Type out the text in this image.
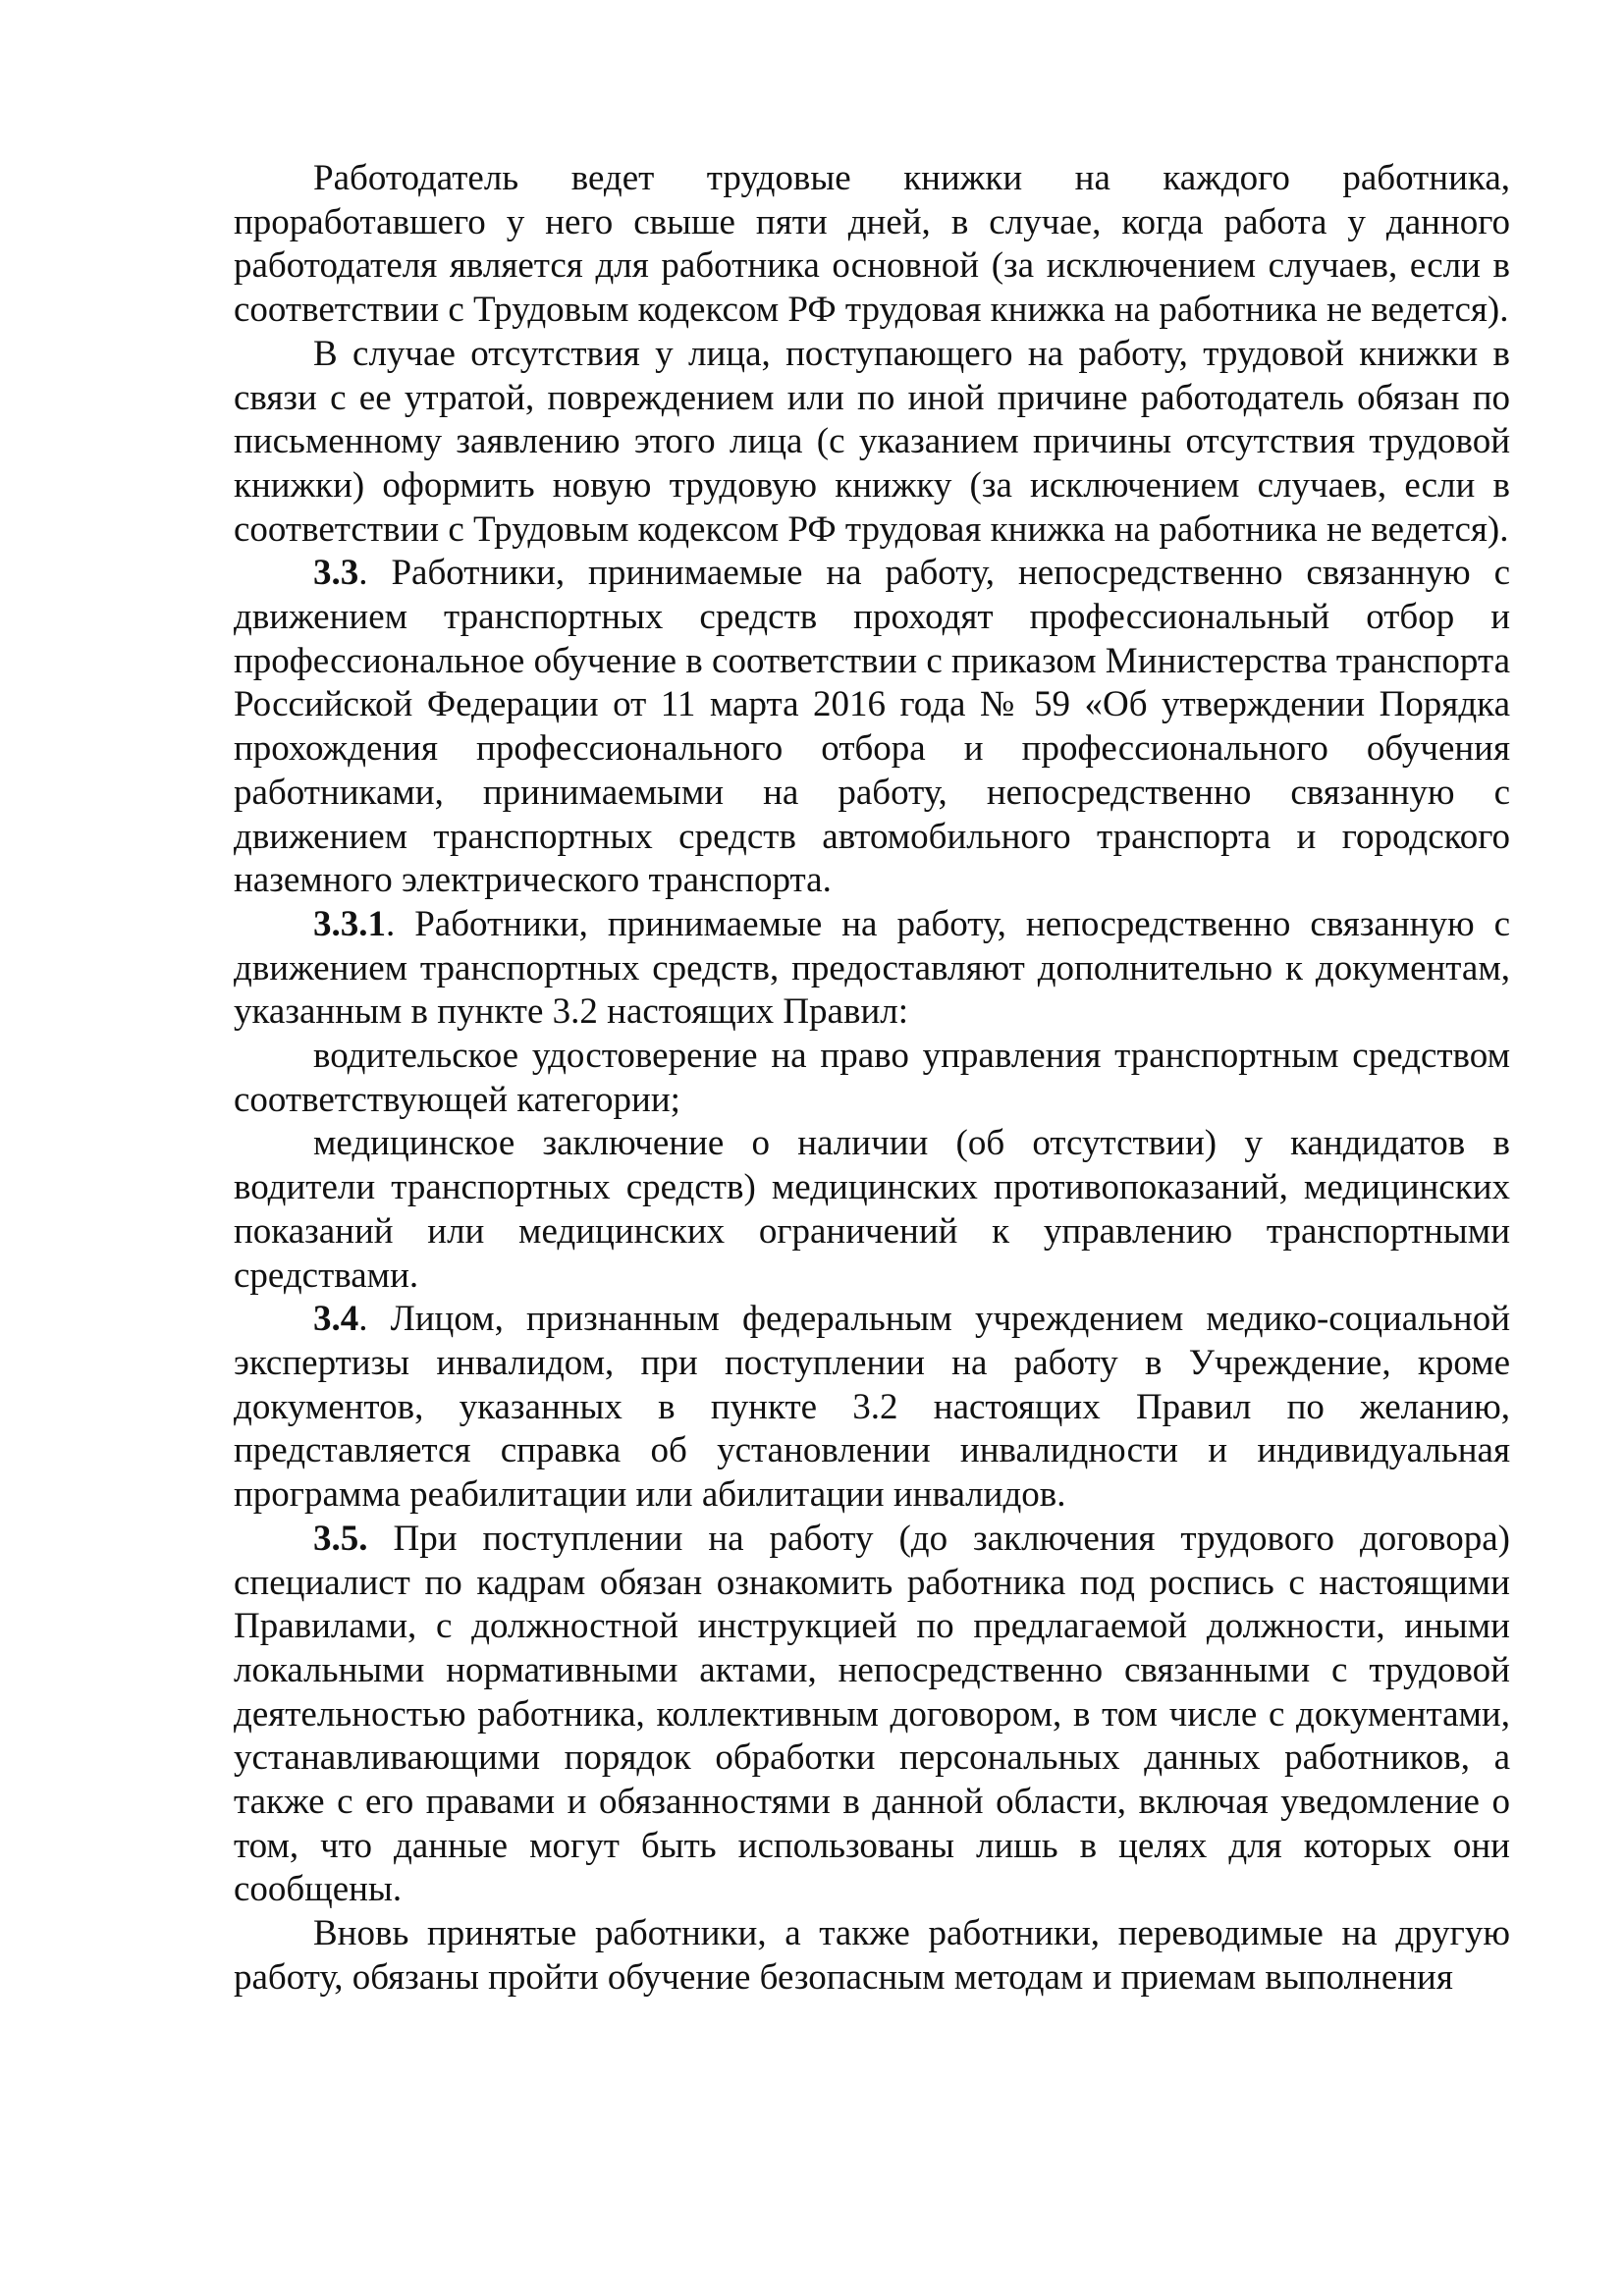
Работодатель ведет трудовые книжки на каждого работника, проработавшего у него свыше пяти дней, в случае, когда работа у данного работодателя является для работника основной (за исключением случаев, если в соответствии с Трудовым кодексом РФ трудовая книжка на работника не ведется).

В случае отсутствия у лица, поступающего на работу, трудовой книжки в связи с ее утратой, повреждением или по иной причине работодатель обязан по письменному заявлению этого лица (с указанием причины отсутствия трудовой книжки) оформить новую трудовую книжку (за исключением случаев, если в соответствии с Трудовым кодексом РФ трудовая книжка на работника не ведется).

3.3. Работники, принимаемые на работу, непосредственно связанную с движением транспортных средств проходят профессиональный отбор и профессиональное обучение в соответствии с приказом Министерства транспорта Российской Федерации от 11 марта 2016 года № 59 «Об утверждении Порядка прохождения профессионального отбора и профессионального обучения работниками, принимаемыми на работу, непосредственно связанную с движением транспортных средств автомобильного транспорта и городского наземного электрического транспорта.

3.3.1. Работники, принимаемые на работу, непосредственно связанную с движением транспортных средств, предоставляют дополнительно к документам, указанным в пункте 3.2 настоящих Правил:

водительское удостоверение на право управления транспортным средством соответствующей категории;

медицинское заключение о наличии (об отсутствии) у кандидатов в водители транспортных средств) медицинских противопоказаний, медицинских показаний или медицинских ограничений к управлению транспортными средствами.

3.4. Лицом, признанным федеральным учреждением медико-социальной экспертизы инвалидом, при поступлении на работу в Учреждение, кроме документов, указанных в пункте 3.2 настоящих Правил по желанию, представляется справка об установлении инвалидности и индивидуальная программа реабилитации или абилитации инвалидов.

3.5. При поступлении на работу (до заключения трудового договора) специалист по кадрам обязан ознакомить работника под роспись с настоящими Правилами, с должностной инструкцией по предлагаемой должности, иными локальными нормативными актами, непосредственно связанными с трудовой деятельностью работника, коллективным договором, в том числе с документами, устанавливающими порядок обработки персональных данных работников, а также с его правами и обязанностями в данной области, включая уведомление о том, что данные могут быть использованы лишь в целях для которых они сообщены.

Вновь принятые работники, а также работники, переводимые на другую работу, обязаны пройти обучение безопасным методам и приемам выполнения
